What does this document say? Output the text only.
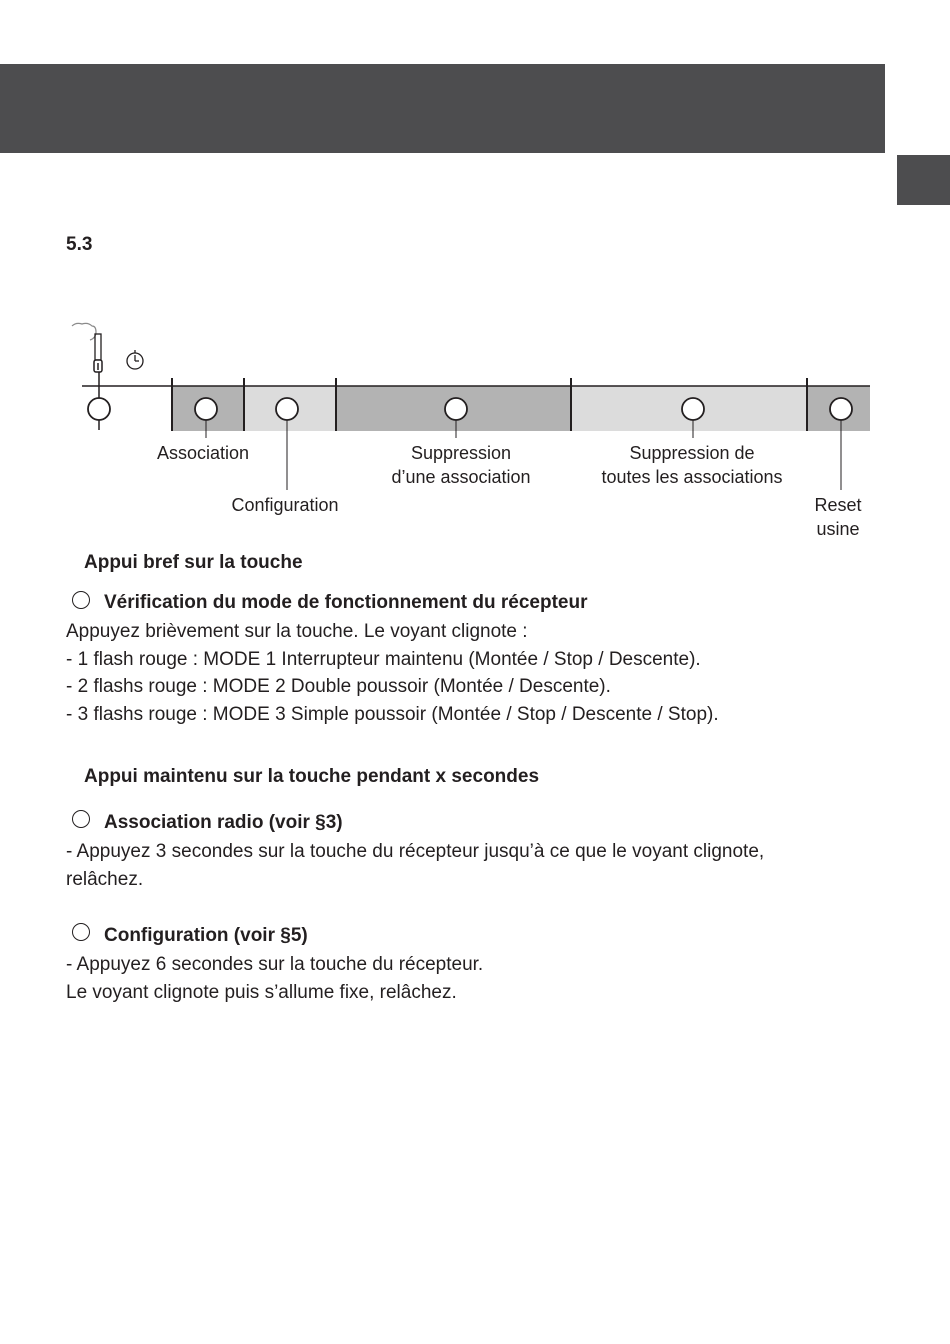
5.3
Association	Suppression
d’une association
Suppression de
toutes les associations
Configuration	Reset
usine
Appui bref sur la touche
Vérification du mode de fonctionnement du récepteur
Appuyez brièvement sur la touche. Le voyant clignote :
- 1 flash rouge : MODE 1 Interrupteur maintenu (Montée / Stop / Descente).
- 2 flashs rouge : MODE 2 Double poussoir (Montée / Descente).
- 3 flashs rouge : MODE 3 Simple poussoir (Montée / Stop / Descente / Stop).
Appui maintenu sur la touche pendant x secondes
Association radio (voir §3)
- Appuyez 3 secondes sur la touche du récepteur jusqu’à ce que le voyant clignote,
relâchez.
Configuration (voir §5)
- Appuyez 6 secondes sur la touche du récepteur.
Le voyant clignote puis s’allume fixe, relâchez.
